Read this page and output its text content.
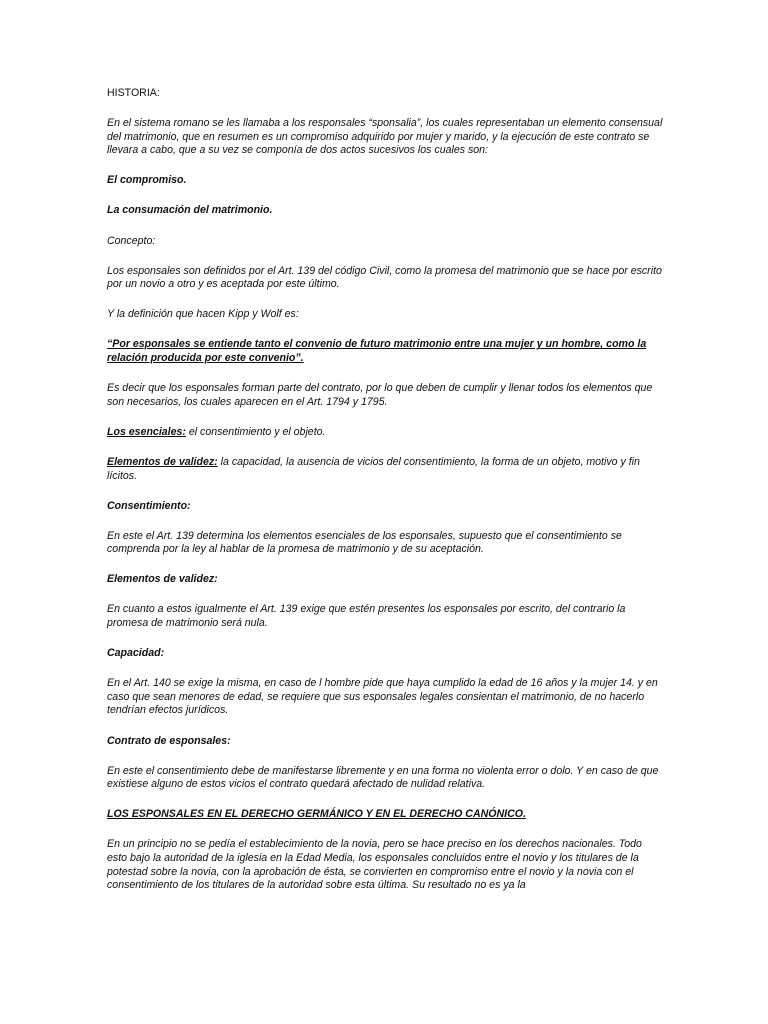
HISTORIA:

En el sistema romano se les llamaba a los responsales “sponsalia”, los cuales representaban un elemento consensual del matrimonio, que en resumen es un compromiso adquirido por mujer y marido, y la ejecución de este contrato se llevara a cabo, que a su vez se componía de dos actos sucesivos los cuales son:

El compromiso.

La consumación del matrimonio.

Concepto:

Los esponsales son definidos por el Art. 139 del código Civil, como la promesa del matrimonio que se hace por escrito por un novio a otro y es aceptada por este último.

Y la definición que hacen Kipp y Wolf es:

“Por esponsales se entiende tanto el convenio de futuro matrimonio entre una mujer y un hombre, como la relación producida por este convenio”.

Es decir que los esponsales forman parte del contrato, por lo que deben de cumplir y llenar todos los elementos que son necesarios, los cuales aparecen en el Art. 1794 y 1795.

Los esenciales: el consentimiento y el objeto.

Elementos de validez: la capacidad, la ausencia de vicios del consentimiento, la forma de un objeto, motivo y fin lícitos.

Consentimiento:

En este el Art. 139 determina los elementos esenciales de los esponsales, supuesto que el consentimiento se comprenda por la ley al hablar de la promesa de matrimonio y de su aceptación.

Elementos de validez:

En cuanto a estos igualmente el Art. 139 exige que estén presentes los esponsales por escrito, del contrario la promesa de matrimonio será nula.

Capacidad:

En el Art. 140 se exige la misma, en caso de l hombre pide que haya cumplido la edad de 16 años y la mujer 14. y en caso que sean menores de edad, se requiere que sus esponsales legales consientan el matrimonio, de no hacerlo tendrían efectos jurídicos.

Contrato de esponsales:

En este el consentimiento debe de manifestarse libremente y en una forma no violenta error o dolo. Y en caso de que existiese alguno de estos vicios el contrato quedará afectado de nulidad relativa.

LOS ESPONSALES EN EL DERECHO GERMÁNICO Y EN EL DERECHO CANÓNICO.

En un principio no se pedía el establecimiento de la novia, pero se hace preciso en los derechos nacionales. Todo esto bajo la autoridad de la iglesia en la Edad Media, los esponsales concluidos entre el novio y los titulares de la potestad sobre la novia, con la aprobación de ésta, se convierten en compromiso entre el novio y la novia con el consentimiento de los titulares de la autoridad sobre esta última. Su resultado no es ya la
